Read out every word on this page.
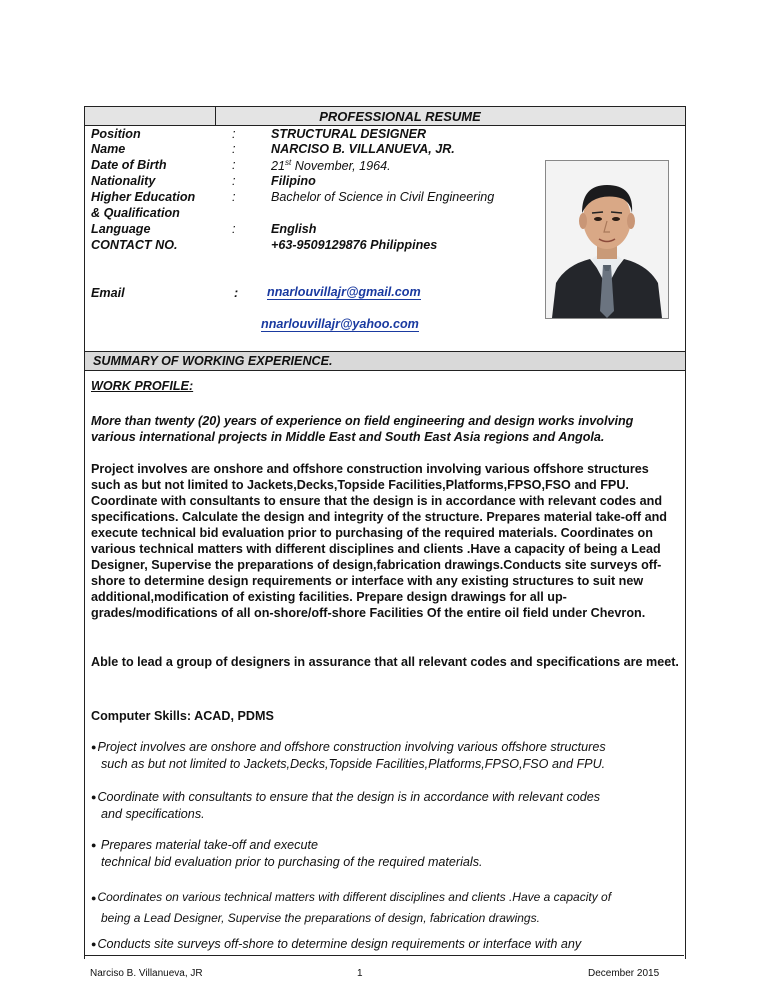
PROFESSIONAL RESUME
Position	:	STRUCTURAL DESIGNER
Name	:	NARCISO B. VILLANUEVA, JR.
Date of Birth	:	21st November, 1964.
Nationality	:	Filipino
Higher Education	:	Bachelor of Science in Civil Engineering
& Qualification
Language	:	English
CONTACT NO.	+63-9509129876 Philippines
Email	: nnarlouvillajr@gmail.com
nnarlouvillajr@yahoo.com
SUMMARY OF WORKING EXPERIENCE.
WORK PROFILE:
More than twenty (20) years of experience on field engineering and design works involving various international projects in Middle East and South East Asia regions and Angola.
Project involves are onshore and offshore construction involving various offshore structures such as but not limited to Jackets,Decks,Topside Facilities,Platforms,FPSO,FSO and FPU. Coordinate with consultants to ensure that the design is in accordance with relevant codes and specifications. Calculate the design and integrity of the structure. Prepares material take-off and execute technical bid evaluation prior to purchasing of the required materials. Coordinates on various technical matters with different disciplines and clients .Have a capacity of being a Lead Designer, Supervise the preparations of design,fabrication drawings.Conducts site surveys off-shore to determine design requirements or interface with any existing structures to suit new additional,modification of existing facilities. Prepare design drawings for all up-grades/modifications of all on-shore/off-shore Facilities Of the entire oil field under Chevron.
Able to lead a group of designers in assurance that all relevant codes and specifications are meet.
Computer Skills: ACAD, PDMS
●Project involves are onshore and offshore construction involving various offshore structures
such as but not limited to Jackets,Decks,Topside Facilities,Platforms,FPSO,FSO and FPU.
●Coordinate with consultants to ensure that the design is in accordance with relevant codes
and specifications.
● Prepares material take-off and execute
technical bid evaluation prior to purchasing of the required materials.
●Coordinates on various technical matters with different disciplines and clients .Have a capacity of
being a Lead Designer, Supervise the preparations of design, fabrication drawings.
●Conducts site surveys off-shore to determine design requirements or interface with any
Narciso B. Villanueva, JR	1	December 2015
